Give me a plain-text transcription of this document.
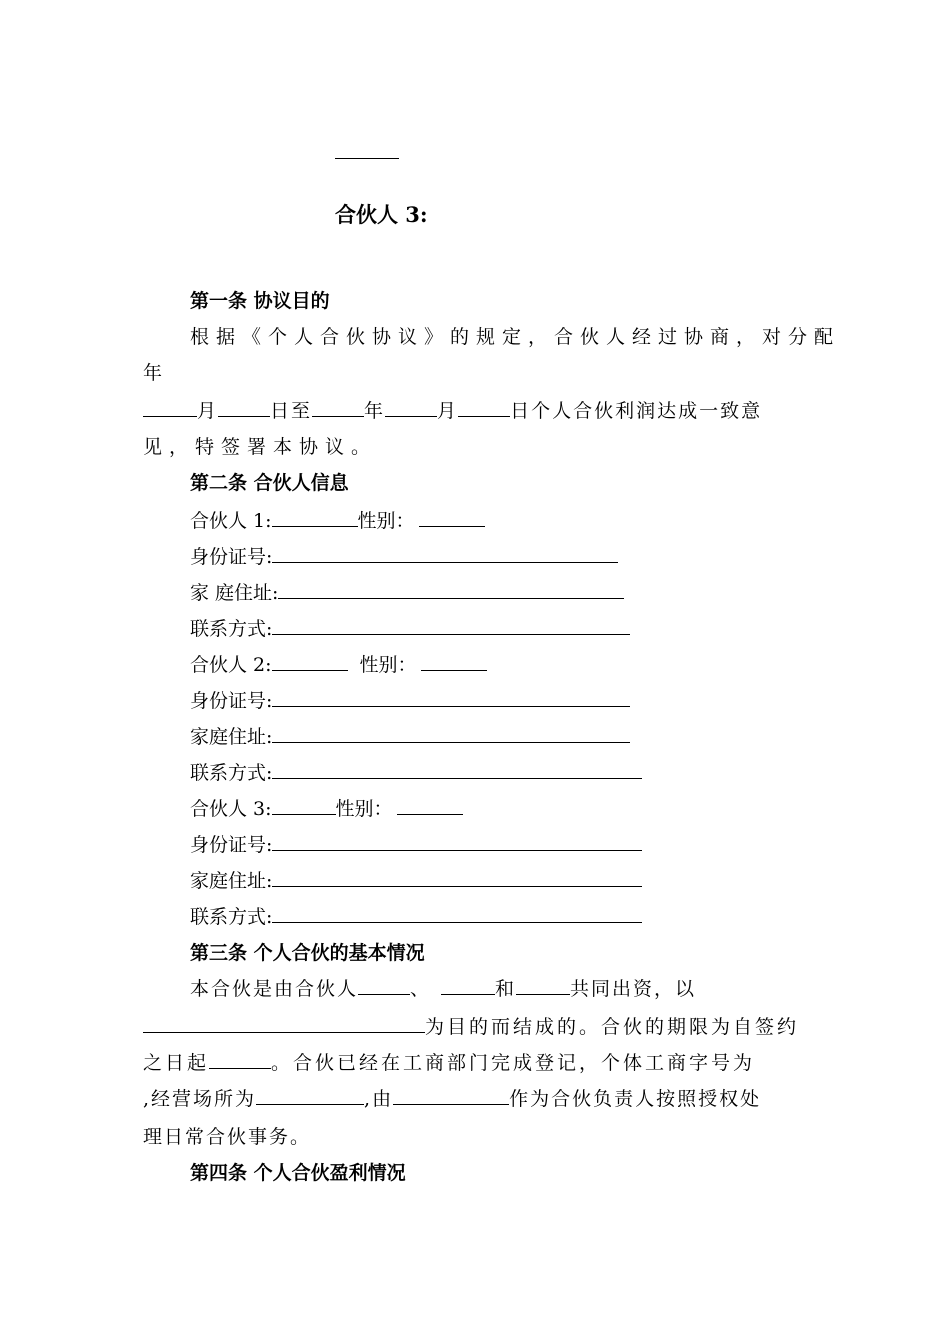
合伙人 3:
第一条 协议目的
根据《个人合伙协议》的规定，合伙人经过协商，对分配
年
月	日至	年	月	日个人合伙利润达成一致意
见，特签署本协议。
第二条 合伙人信息
合伙人 1:	性别：
身份证号:
家 庭住址:
联系方式:
合伙人 2:	性别：
身份证号:
家庭住址:
联系方式:
合伙人 3:	性别：
身份证号:
家庭住址:
联系方式:
第三条 个人合伙的基本情况
本合伙是由合伙人	、	和	共同出资，以
为目的而结成的。合伙的期限为自签约
之日起	。合伙已经在工商部门完成登记，个体工商字号为
,经营场所为	,由	作为合伙负责人按照授权处
理日常合伙事务。
第四条 个人合伙盈利情况
